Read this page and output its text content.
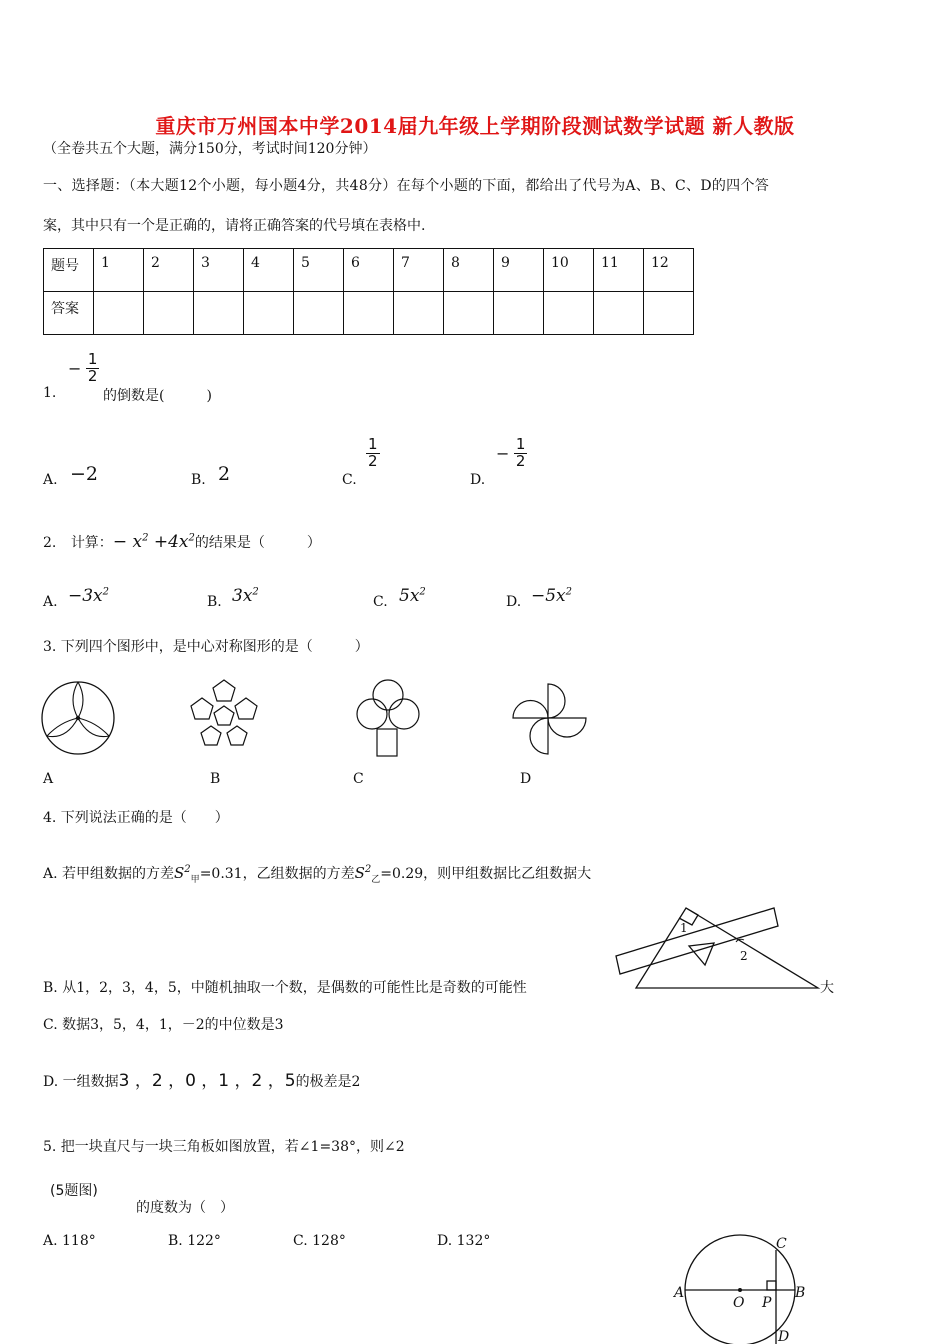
重庆市万州国本中学2014届九年级上学期阶段测试数学试题 新人教版
（全卷共五个大题，满分150分，考试时间120分钟）
一、选择题：（本大题12个小题，每小题4分，共48分）在每个小题的下面，都给出了代号为A、B、C、D的四个答
案，其中只有一个是正确的，请将正确答案的代号填在表格中.
题号	1	2	3	4	5	6	7	8	9	10	11	12
答案												
1.
− $\frac{1}{2}$
的倒数是(　　　)
A. −2	B. 2	C.
$\frac{1}{2}$
D.
− $\frac{1}{2}$
2. 计算：− $x^2 +4x^2$的结果是（　　　）
A. $-3x^2$
B. $3x^2$
C. $5x^2$
D. $-5x^2$
3. 下列四个图形中，是中心对称图形的是（　　　）
A	B	C	D
4. 下列说法正确的是（　　）
A. 若甲组数据的方差$S^2_甲=0.31$，乙组数据的方差$S^2_乙=0.29$，则甲组数据比乙组数据大
B. 从1，2，3，4，5，中随机抽取一个数，是偶数的可能性比是奇数的可能性	大
1
2
C. 数据3，5，4，1，－2的中位数是3
D. 一组数据3 ，2 ，0 ，1 ，2 ，5的极差是2
5. 把一块直尺与一块三角板如图放置，若∠1=38°，则∠2
(5题图)
的度数为（　）
A. 118°	B. 122°	C. 128°	D. 132°
A	B
C
D
O P
